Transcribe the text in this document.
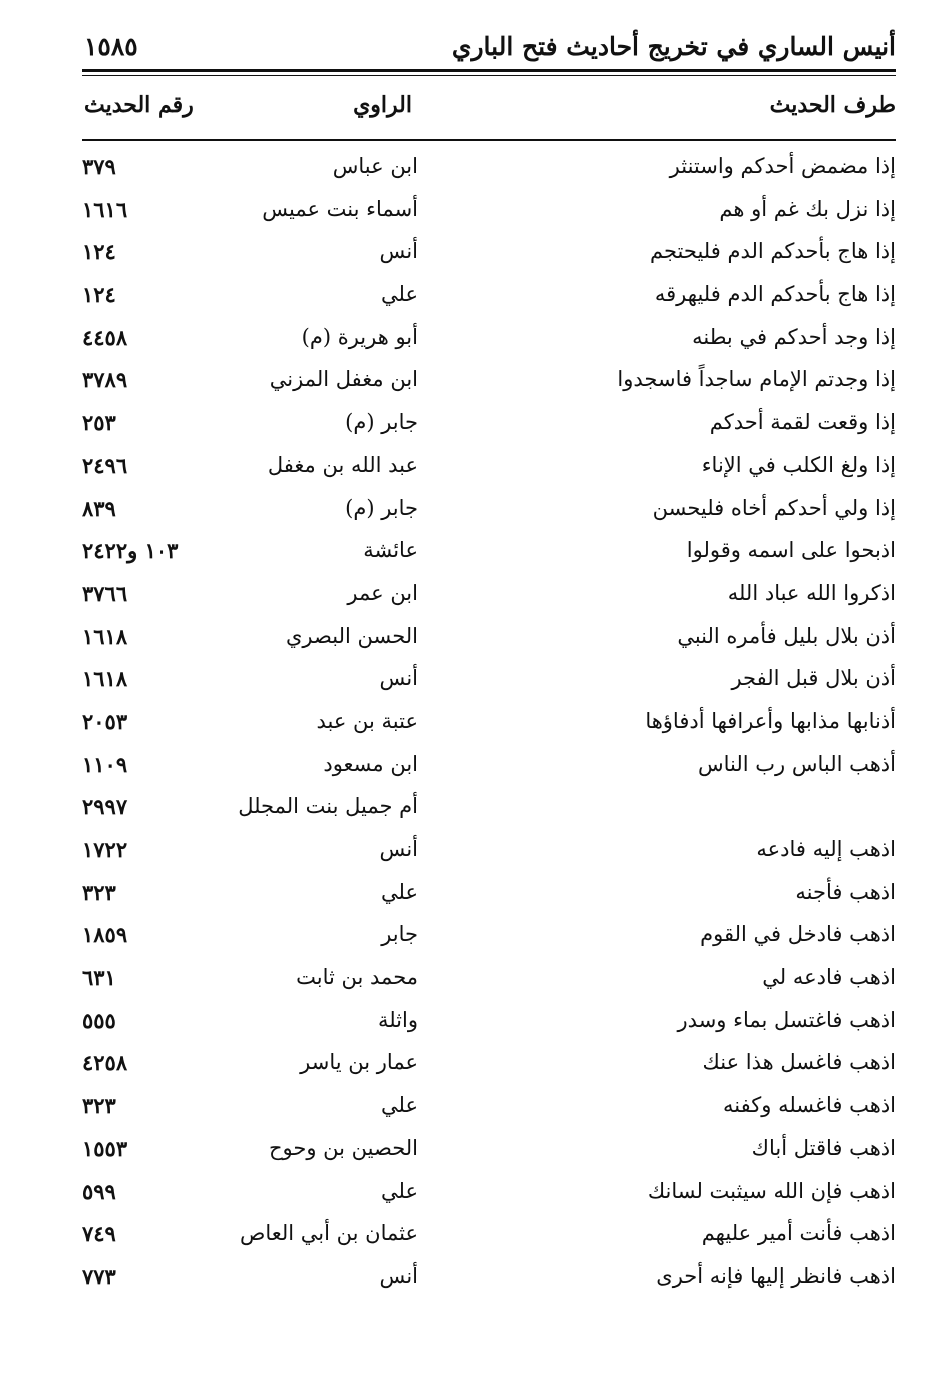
أنيس الساري في تخريج أحاديث فتح الباري
١٥٨٥
طرف الحديث
الراوي
رقم الحديث
إذا مضمض أحدكم واستنثر
ابن عباس
٣٧٩
إذا نزل بك غم أو هم
أسماء بنت عميس
١٦١٦
إذا هاج بأحدكم الدم فليحتجم
أنس
١٢٤
إذا هاج بأحدكم الدم فليهرقه
علي
١٢٤
إذا وجد أحدكم في بطنه
أبو هريرة (م)
٤٤٥٨
إذا وجدتم الإمام ساجداً فاسجدوا
ابن مغفل المزني
٣٧٨٩
إذا وقعت لقمة أحدكم
جابر (م)
٢٥٣
إذا ولغ الكلب في الإناء
عبد الله بن مغفل
٢٤٩٦
إذا ولي أحدكم أخاه فليحسن
جابر (م)
٨٣٩
اذبحوا على اسمه وقولوا
عائشة
١٠٣ و٢٤٢٢
اذكروا الله عباد الله
ابن عمر
٣٧٦٦
أذن بلال بليل فأمره النبي
الحسن البصري
١٦١٨
أذن بلال قبل الفجر
أنس
١٦١٨
أذنابها مذابها وأعرافها أدفاؤها
عتبة بن عبد
٢٠٥٣
أذهب الباس رب الناس
ابن مسعود
١١٠٩
أم جميل بنت المجلل
٢٩٩٧
اذهب إليه فادعه
أنس
١٧٢٢
اذهب فأجنه
علي
٣٢٣
اذهب فادخل في القوم
جابر
١٨٥٩
اذهب فادعه لي
محمد بن ثابت
٦٣١
اذهب فاغتسل بماء وسدر
واثلة
٥٥٥
اذهب فاغسل هذا عنك
عمار بن ياسر
٤٢٥٨
اذهب فاغسله وكفنه
علي
٣٢٣
اذهب فاقتل أباك
الحصين بن وحوح
١٥٥٣
اذهب فإن الله سيثبت لسانك
علي
٥٩٩
اذهب فأنت أمير عليهم
عثمان بن أبي العاص
٧٤٩
اذهب فانظر إليها فإنه أحرى
أنس
٧٧٣
